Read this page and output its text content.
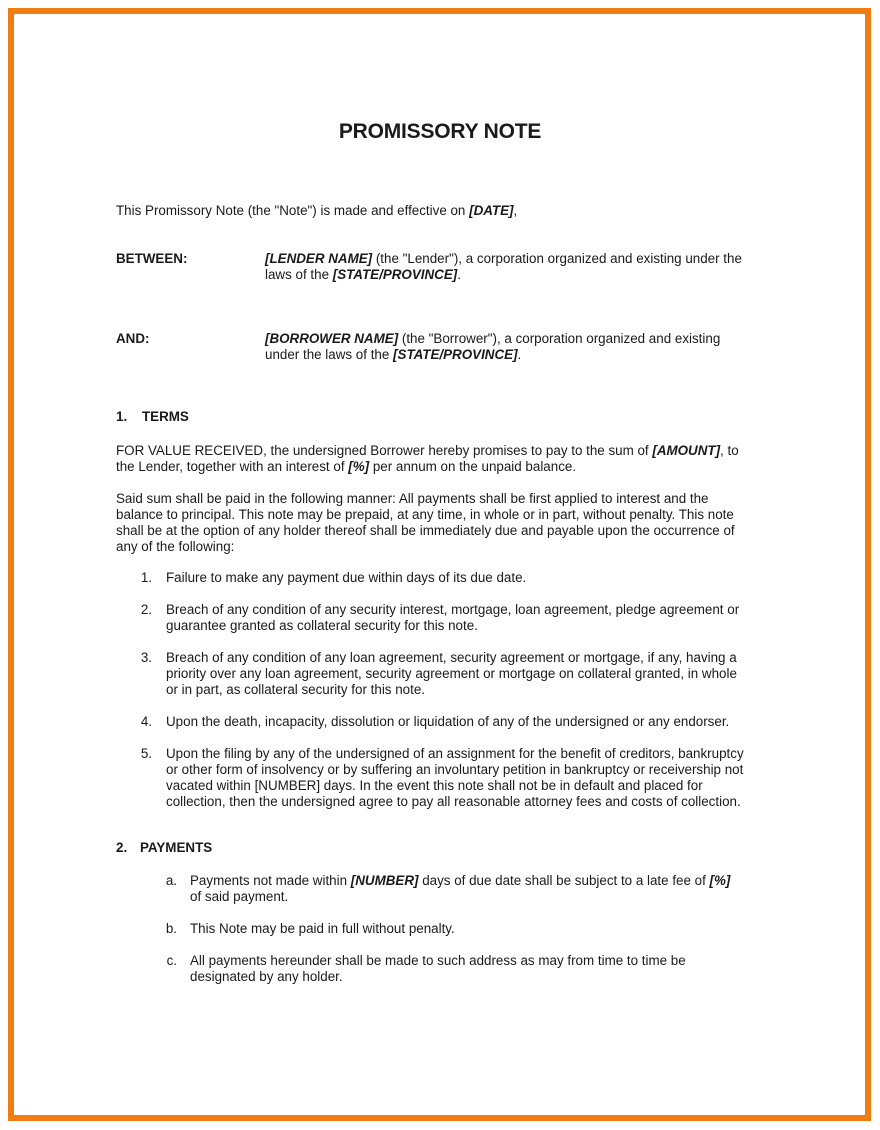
PROMISSORY NOTE

This Promissory Note (the "Note") is made and effective on [DATE],

BETWEEN:	[LENDER NAME] (the "Lender"), a corporation organized and existing under the

laws of the [STATE/PROVINCE].

AND:	[BORROWER NAME] (the "Borrower"), a corporation organized and existing

under the laws of the [STATE/PROVINCE].

1. TERMS

FOR VALUE RECEIVED, the undersigned Borrower hereby promises to pay to the sum of [AMOUNT], to

the Lender, together with an interest of [%] per annum on the unpaid balance.

Said sum shall be paid in the following manner: All payments shall be first applied to interest and the

balance to principal. This note may be prepaid, at any time, in whole or in part, without penalty. This note

shall be at the option of any holder thereof shall be immediately due and payable upon the occurrence of

any of the following:

1. Failure to make any payment due within days of its due date.

2. Breach of any condition of any security interest, mortgage, loan agreement, pledge agreement or

guarantee granted as collateral security for this note.

3. Breach of any condition of any loan agreement, security agreement or mortgage, if any, having a

priority over any loan agreement, security agreement or mortgage on collateral granted, in whole

or in part, as collateral security for this note.

4. Upon the death, incapacity, dissolution or liquidation of any of the undersigned or any endorser.

5. Upon the filing by any of the undersigned of an assignment for the benefit of creditors, bankruptcy

or other form of insolvency or by suffering an involuntary petition in bankruptcy or receivership not

vacated within [NUMBER] days. In the event this note shall not be in default and placed for

collection, then the undersigned agree to pay all reasonable attorney fees and costs of collection.

2. PAYMENTS
a. Payments not made within [NUMBER] days of due date shall be subject to a late fee of [%]

of said payment.

b. This Note may be paid in full without penalty.

c. All payments hereunder shall be made to such address as may from time to time be

designated by any holder.
